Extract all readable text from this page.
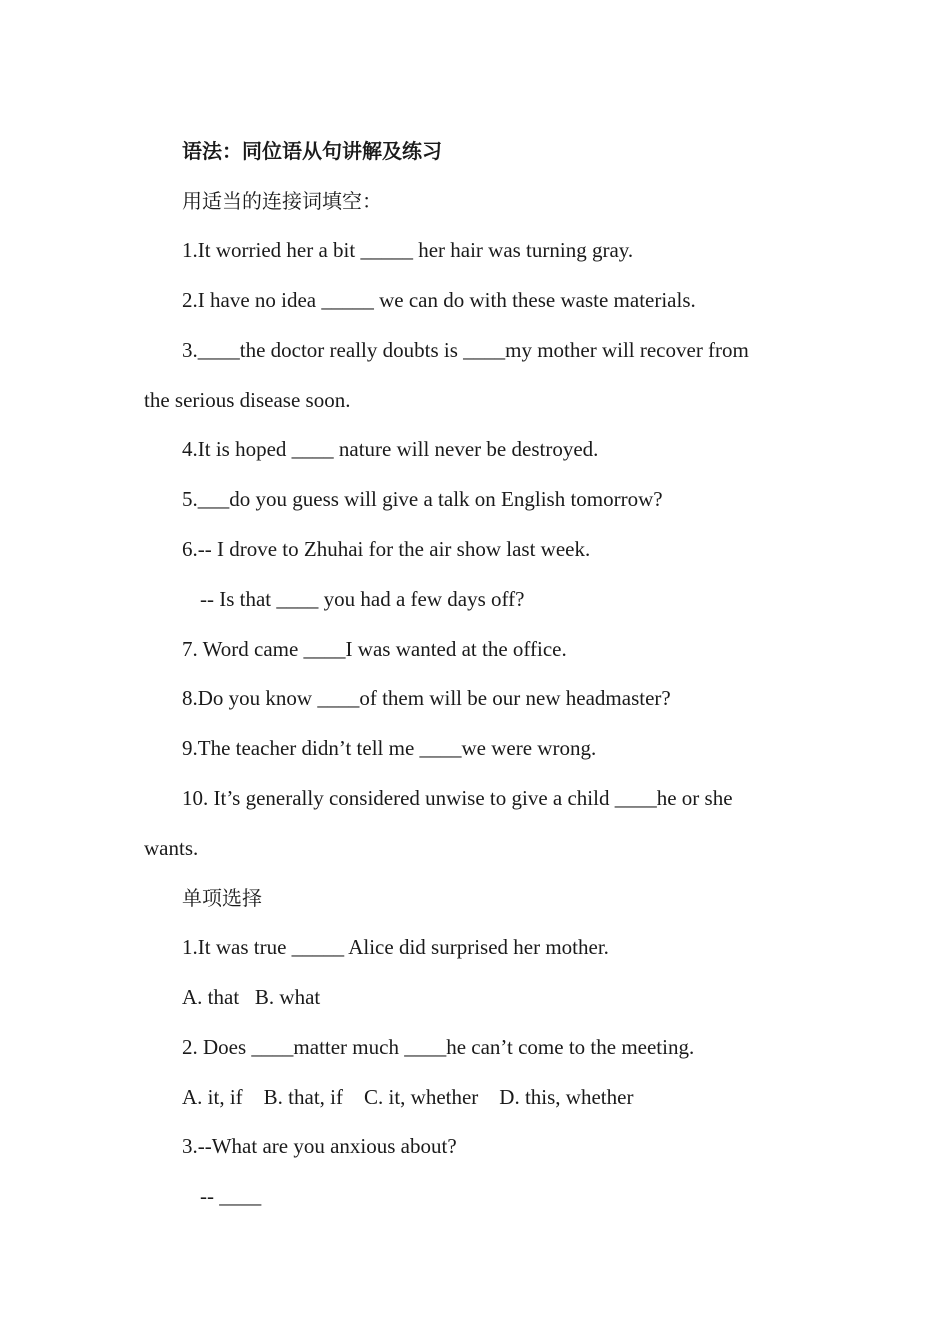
语法：同位语从句讲解及练习

用适当的连接词填空：

1.It worried her a bit _____ her hair was turning gray.

2.I have no idea _____ we can do with these waste materials.

3.____the doctor really doubts is ____my mother will recover from

the serious disease soon.

4.It is hoped ____ nature will never be destroyed.

5.___do you guess will give a talk on English tomorrow?

6.-- I drove to Zhuhai for the air show last week.

-- Is that ____ you had a few days off?

7. Word came ____I was wanted at the office.

8.Do you know ____of them will be our new headmaster?

9.The teacher didn’t tell me ____we were wrong.

10. It’s generally considered unwise to give a child ____he or she

wants.

单项选择

1.It was true _____ Alice did surprised her mother.

A. that   B. what

2. Does ____matter much ____he can’t come to the meeting.

A. it, if    B. that, if    C. it, whether    D. this, whether

3.--What are you anxious about?

-- ____
